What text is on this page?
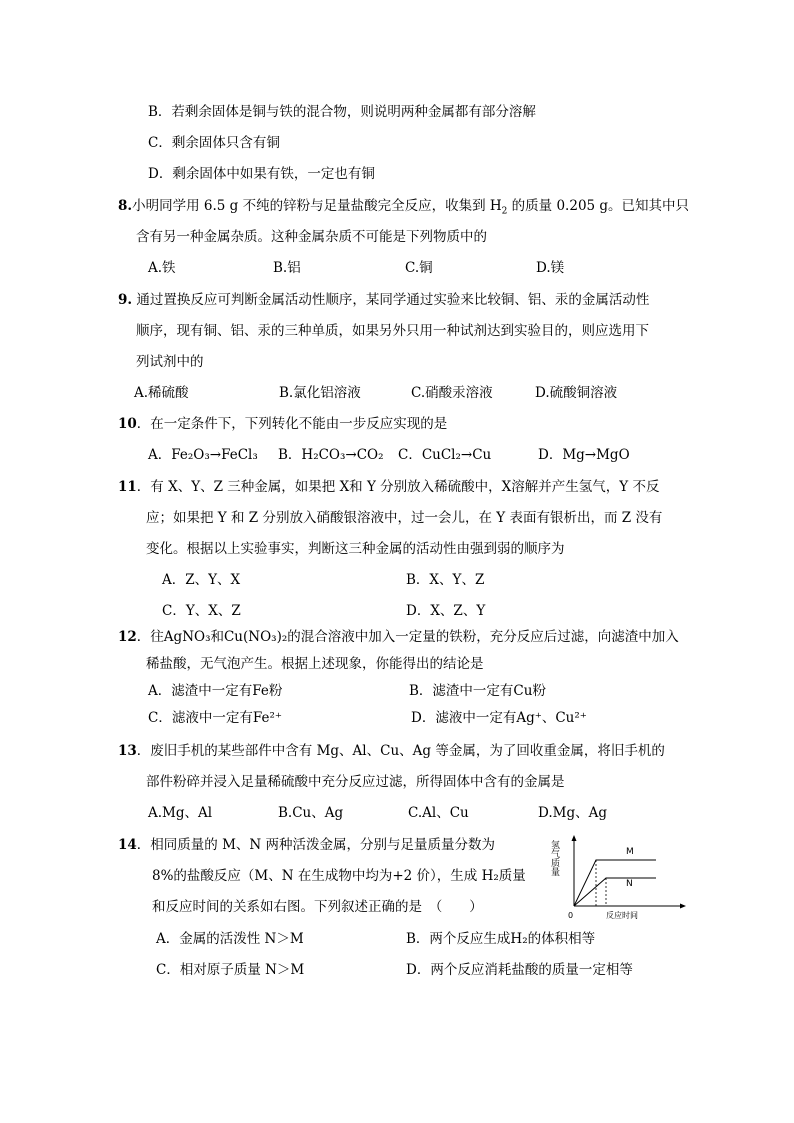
B．若剩余固体是铜与铁的混合物，则说明两种金属都有部分溶解
C．剩余固体只含有铜
D．剩余固体中如果有铁，一定也有铜
8.小明同学用 6.5 g 不纯的锌粉与足量盐酸完全反应，收集到 $H_2$ 的质量 0.205 g。已知其中只
含有另一种金属杂质。这种金属杂质不可能是下列物质中的
A.铁	B.铝	C.铜	D.镁
9. 通过置换反应可判断金属活动性顺序，某同学通过实验来比较铜、铝、汞的金属活动性
顺序，现有铜、铝、汞的三种单质，如果另外只用一种试剂达到实验目的，则应选用下
列试剂中的
A.稀硫酸	B.氯化铝溶液	C.硝酸汞溶液	D.硫酸铜溶液
10．在一定条件下，下列转化不能由一步反应实现的是
A．Fe₂O₃→FeCl₃ B．H₂CO₃→CO₂ C．CuCl₂→Cu	D．Mg→MgO
11．有 X、Y、Z 三种金属，如果把 X和 Y 分别放入稀硫酸中，X溶解并产生氢气，Y 不反
应；如果把 Y 和 Z 分别放入硝酸银溶液中，过一会儿，在 Y 表面有银析出，而 Z 没有
变化。根据以上实验事实，判断这三种金属的活动性由强到弱的顺序为
A．Z、Y、X	B．X、Y、Z
C．Y、X、Z	D．X、Z、Y
12．往AgNO₃和Cu(NO₃)₂的混合溶液中加入一定量的铁粉，充分反应后过滤，向滤渣中加入
稀盐酸，无气泡产生。根据上述现象，你能得出的结论是
A．滤渣中一定有Fe粉	B．滤渣中一定有Cu粉
C．滤液中一定有Fe²⁺	D．滤液中一定有Ag⁺、Cu²⁺
13．废旧手机的某些部件中含有 Mg、Al、Cu、Ag 等金属，为了回收重金属，将旧手机的
部件粉碎并浸入足量稀硫酸中充分反应过滤，所得固体中含有的金属是
A.Mg、Al	B.Cu、Ag	C.Al、Cu	D.Mg、Ag
14．相同质量的 M、N 两种活泼金属，分别与足量质量分数为
8%的盐酸反应（M、N 在生成物中均为+2 价），生成 H₂质量
和反应时间的关系如右图。下列叙述正确的是　（　　）
A．金属的活泼性 N＞M	B．两个反应生成H₂的体积相等
C．相对原子质量 N＞M	D．两个反应消耗盐酸的质量一定相等
氢气质量	M
N
0	反应时间
